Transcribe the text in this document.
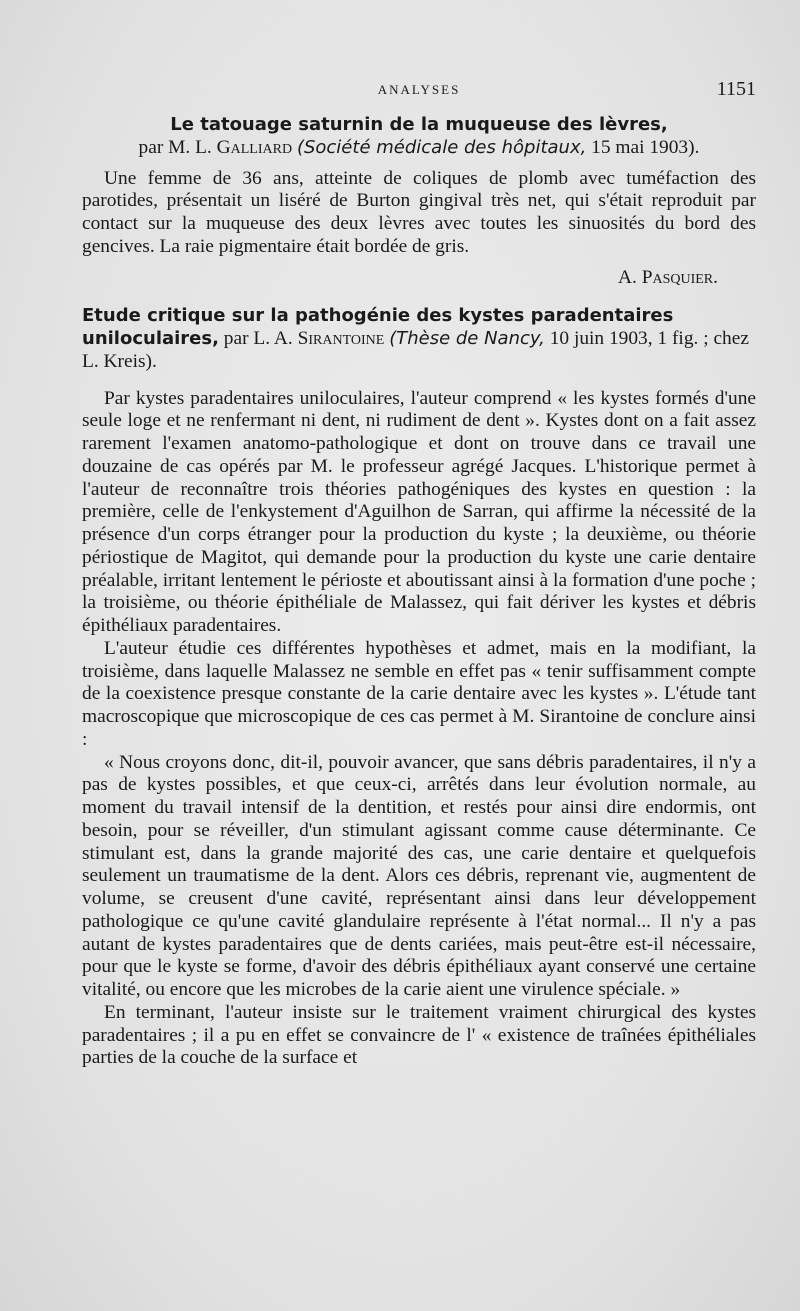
ANALYSES	1151

Le tatouage saturnin de la muqueuse des lèvres,

par M. L. Galliard (Société médicale des hôpitaux, 15 mai 1903).

Une femme de 36 ans, atteinte de coliques de plomb avec tuméfaction des parotides, présentait un liséré de Burton gingival très net, qui s'était reproduit par contact sur la muqueuse des deux lèvres avec toutes les sinuosités du bord des gencives. La raie pigmentaire était bordée de gris.

A. Pasquier.

Etude critique sur la pathogénie des kystes paradentaires uniloculaires, par L. A. Sirantoine (Thèse de Nancy, 10 juin 1903, 1 fig. ; chez L. Kreis).

Par kystes paradentaires uniloculaires, l'auteur comprend « les kystes formés d'une seule loge et ne renfermant ni dent, ni rudiment de dent ». Kystes dont on a fait assez rarement l'examen anatomo-pathologique et dont on trouve dans ce travail une douzaine de cas opérés par M. le professeur agrégé Jacques. L'historique permet à l'auteur de reconnaître trois théories pathogéniques des kystes en question : la première, celle de l'enkystement d'Aguilhon de Sarran, qui affirme la nécessité de la présence d'un corps étranger pour la production du kyste ; la deuxième, ou théorie périostique de Magitot, qui demande pour la production du kyste une carie dentaire préalable, irritant lentement le périoste et aboutissant ainsi à la formation d'une poche ; la troisième, ou théorie épithéliale de Malassez, qui fait dériver les kystes et débris épithéliaux paradentaires.

L'auteur étudie ces différentes hypothèses et admet, mais en la modifiant, la troisième, dans laquelle Malassez ne semble en effet pas « tenir suffisamment compte de la coexistence presque constante de la carie dentaire avec les kystes ». L'étude tant macroscopique que microscopique de ces cas permet à M. Sirantoine de conclure ainsi :

« Nous croyons donc, dit-il, pouvoir avancer, que sans débris paradentaires, il n'y a pas de kystes possibles, et que ceux-ci, arrêtés dans leur évolution normale, au moment du travail intensif de la dentition, et restés pour ainsi dire endormis, ont besoin, pour se réveiller, d'un stimulant agissant comme cause déterminante. Ce stimulant est, dans la grande majorité des cas, une carie dentaire et quelquefois seulement un traumatisme de la dent. Alors ces débris, reprenant vie, augmentent de volume, se creusent d'une cavité, représentant ainsi dans leur développement pathologique ce qu'une cavité glandulaire représente à l'état normal... Il n'y a pas autant de kystes paradentaires que de dents cariées, mais peut-être est-il nécessaire, pour que le kyste se forme, d'avoir des débris épithéliaux ayant conservé une certaine vitalité, ou encore que les microbes de la carie aient une virulence spéciale. »

En terminant, l'auteur insiste sur le traitement vraiment chirurgical des kystes paradentaires ; il a pu en effet se convaincre de l' « existence de traînées épithéliales parties de la couche de la surface et
